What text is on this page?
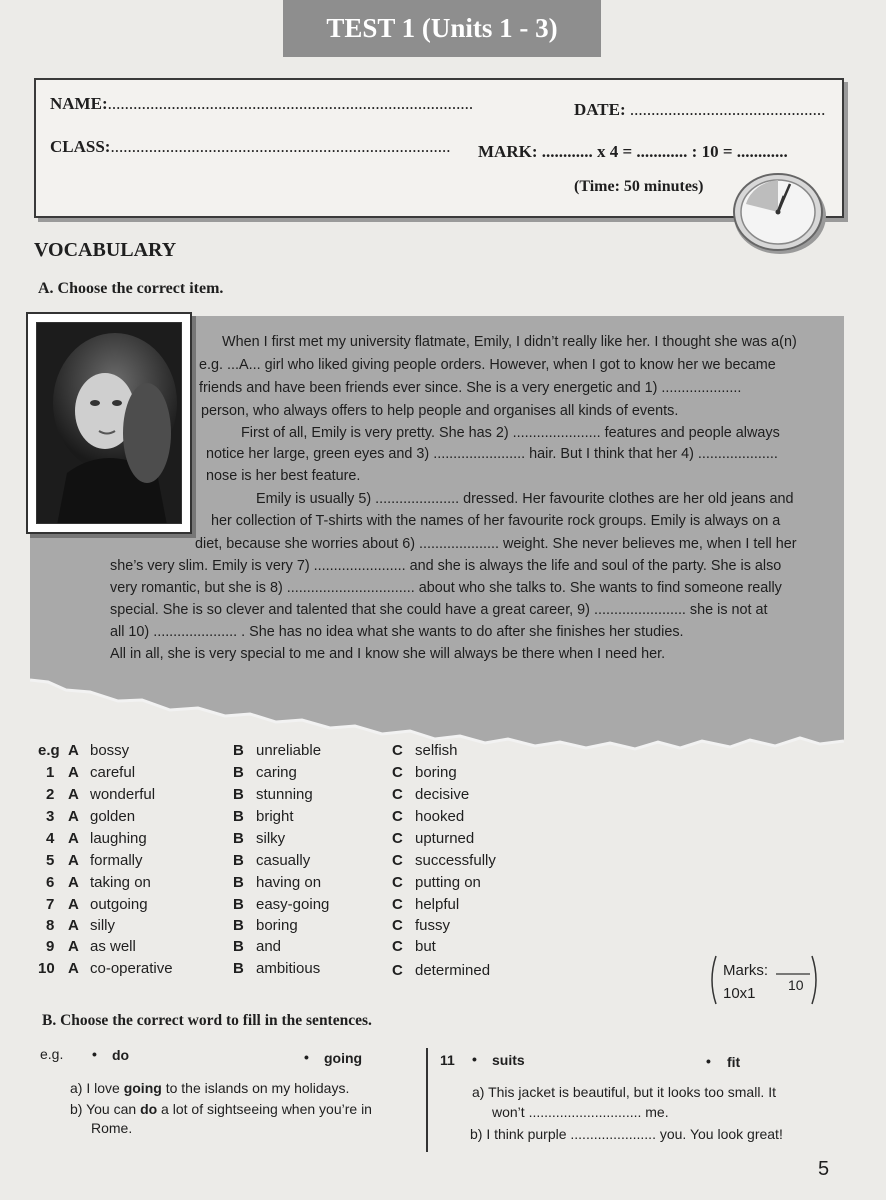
TEST 1 (Units 1 - 3)
NAME:......................................................................................	DATE: ..............................................
CLASS:................................................................................ MARK: ............ x 4 = ............ : 10 = ............
(Time: 50 minutes)
VOCABULARY
A. Choose the correct item.
When I first met my university flatmate, Emily, I didn’t really like her. I thought she was a(n)
e.g. ...A... girl who liked giving people orders. However, when I got to know her we became
friends and have been friends ever since. She is a very energetic and 1) ....................
person, who always offers to help people and organises all kinds of events.
First of all, Emily is very pretty. She has 2) ...................... features and people always
notice her large, green eyes and 3) ....................... hair. But I think that her 4) ....................
nose is her best feature.
Emily is usually 5) ..................... dressed. Her favourite clothes are her old jeans and
her collection of T-shirts with the names of her favourite rock groups. Emily is always on a
diet, because she worries about 6) .................... weight. She never believes me, when I tell her
she’s very slim. Emily is very 7) ....................... and she is always the life and soul of the party. She is also
very romantic, but she is 8) ................................ about who she talks to. She wants to find someone really
special. She is so clever and talented that she could have a great career, 9) ....................... she is not at
all 10) ..................... . She has no idea what she wants to do after she finishes her studies.
All in all, she is very special to me and I know she will always be there when I need her.
e.g A bossy	B unreliable	C selfish
1 A careful	B caring	C boring
2 A wonderful	B stunning	C decisive
3 A golden	B bright	C hooked
4 A laughing	B silky	C upturned
5 A formally	B casually	C successfully
6 A taking on	B having on	C putting on
7 A outgoing	B easy-going	C helpful
8 A silly	B boring	C fussy
9 A as well	B and	C but
10 A co-operative	B ambitious	C determined	Marks:
10x1 10
B. Choose the correct word to fill in the sentences.
e.g. • do	• going
a) I love going to the islands on my holidays.
b) You can do a lot of sightseeing when you’re in
Rome.
11 • suits	• fit
a) This jacket is beautiful, but it looks too small. It
won’t ............................. me.
b) I think purple ...................... you. You look great!
5
